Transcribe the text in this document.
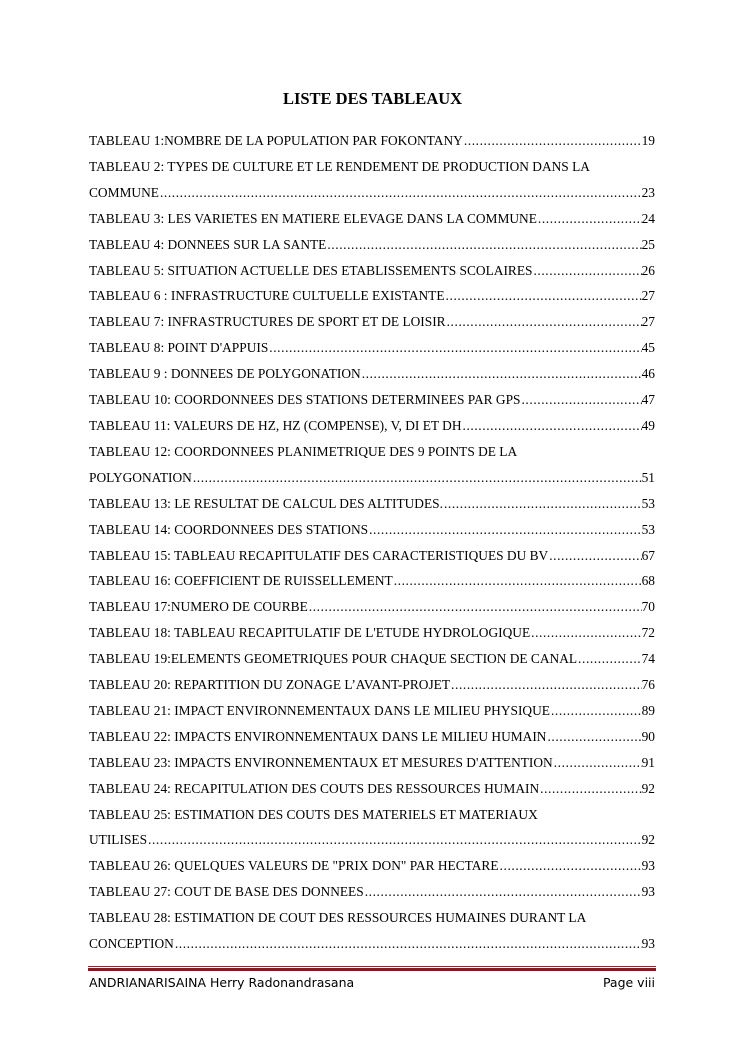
LISTE DES TABLEAUX
TABLEAU 1:NOMBRE DE LA POPULATION PAR FOKONTANY .....	19
TABLEAU 2: TYPES DE CULTURE ET LE RENDEMENT DE PRODUCTION DANS LA
COMMUNE .....	23
TABLEAU 3: LES VARIETES EN MATIERE ELEVAGE DANS LA COMMUNE .....	24
TABLEAU 4: DONNEES SUR LA SANTE .....	25
TABLEAU 5: SITUATION ACTUELLE DES ETABLISSEMENTS SCOLAIRES .....	26
TABLEAU 6 : INFRASTRUCTURE CULTUELLE EXISTANTE .....	27
TABLEAU 7: INFRASTRUCTURES DE SPORT ET DE LOISIR .....	27
TABLEAU 8: POINT D'APPUIS .....	45
TABLEAU 9 : DONNEES DE POLYGONATION .....	46
TABLEAU 10: COORDONNEES DES STATIONS DETERMINEES PAR GPS .....	47
TABLEAU 11: VALEURS DE HZ, HZ (COMPENSE), V, DI ET DH .....	49
TABLEAU 12: COORDONNEES PLANIMETRIQUE DES 9 POINTS DE LA
POLYGONATION .....	51
TABLEAU 13: LE RESULTAT DE CALCUL DES ALTITUDES. .....	53
TABLEAU 14: COORDONNEES DES STATIONS .....	53
TABLEAU 15: TABLEAU RECAPITULATIF DES CARACTERISTIQUES DU BV .....	67
TABLEAU 16: COEFFICIENT DE RUISSELLEMENT .....	68
TABLEAU 17:NUMERO DE COURBE .....	70
TABLEAU 18: TABLEAU RECAPITULATIF DE L'ETUDE HYDROLOGIQUE .....	72
TABLEAU 19:ELEMENTS GEOMETRIQUES POUR CHAQUE SECTION DE CANAL .....	74
TABLEAU 20: REPARTITION DU ZONAGE L’AVANT-PROJET .....	76
TABLEAU 21: IMPACT ENVIRONNEMENTAUX DANS LE MILIEU PHYSIQUE .....	89
TABLEAU 22: IMPACTS ENVIRONNEMENTAUX DANS LE MILIEU HUMAIN .....	90
TABLEAU 23: IMPACTS ENVIRONNEMENTAUX ET MESURES D'ATTENTION .....	91
TABLEAU 24: RECAPITULATION DES COUTS DES RESSOURCES HUMAIN .....	92
TABLEAU 25: ESTIMATION DES COUTS DES MATERIELS ET MATERIAUX
UTILISES .....	92
TABLEAU 26: QUELQUES VALEURS DE "PRIX DON" PAR HECTARE .....	93
TABLEAU 27: COUT DE BASE DES DONNEES .....	93
TABLEAU 28: ESTIMATION DE COUT DES RESSOURCES HUMAINES DURANT LA
CONCEPTION .....	93
ANDRIANARISAINA Herry Radonandrasana	Page viii
